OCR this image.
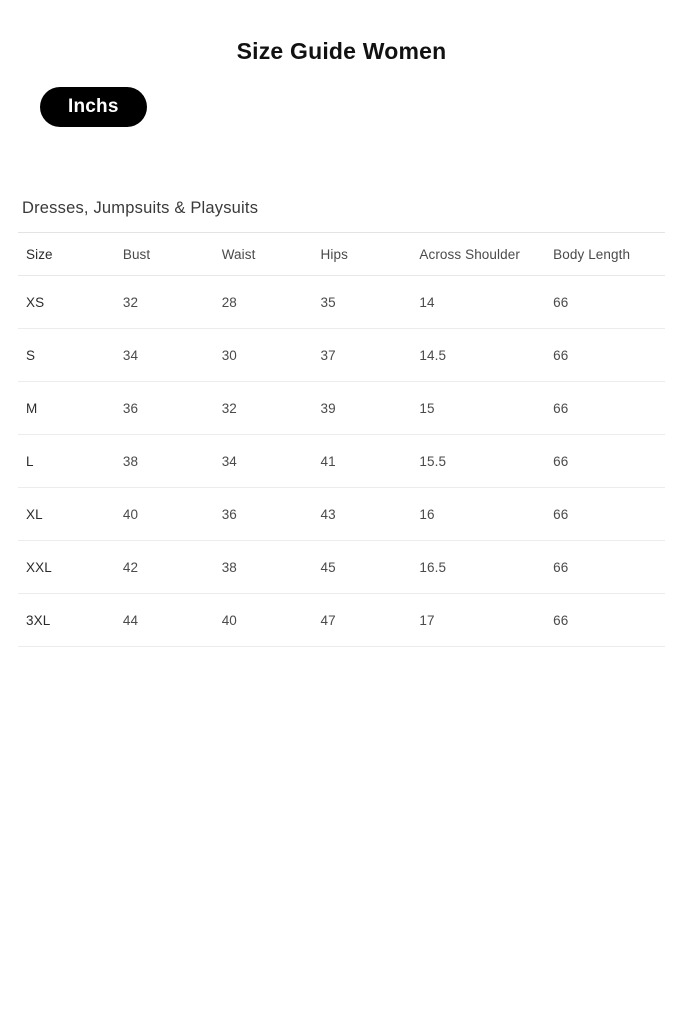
Size Guide Women
Inchs
Dresses, Jumpsuits & Playsuits
Size	Bust	Waist	Hips	Across Shoulder	Body Length
XS	32	28	35	14	66
S	34	30	37	14.5	66
M	36	32	39	15	66
L	38	34	41	15.5	66
XL	40	36	43	16	66
XXL	42	38	45	16.5	66
3XL	44	40	47	17	66
